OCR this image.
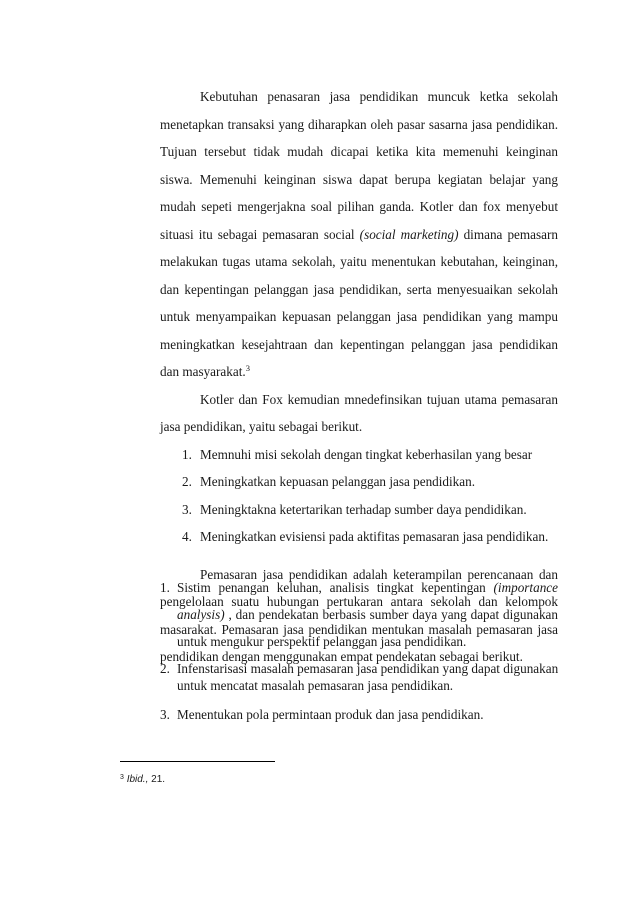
Kebutuhan penasaran jasa pendidikan muncuk ketka sekolah
menetapkan transaksi yang diharapkan oleh pasar sasarna jasa pendidikan.
Tujuan tersebut tidak mudah dicapai ketika kita memenuhi keinginan
siswa. Memenuhi keinginan siswa dapat berupa kegiatan belajar yang
mudah sepeti mengerjakna soal pilihan ganda. Kotler dan fox menyebut
situasi itu sebagai pemasaran social (social marketing) dimana pemasarn
melakukan tugas utama sekolah, yaitu menentukan kebutahan, keinginan,
dan kepentingan pelanggan jasa pendidikan, serta menyesuaikan sekolah
untuk menyampaikan kepuasan pelanggan jasa pendidikan yang mampu
meningkatkan kesejahtraan dan kepentingan pelanggan jasa pendidikan
dan masyarakat.$^3$
Kotler dan Fox kemudian mnedefinsikan tujuan utama pemasaran
jasa pendidikan, yaitu sebagai berikut.
1. Memnuhi misi sekolah dengan tingkat keberhasilan yang besar
2. Meningkatkan kepuasan pelanggan jasa pendidikan.
3. Meningktakna ketertarikan terhadap sumber daya pendidikan.
4. Meningkatkan evisiensi pada aktifitas pemasaran jasa pendidikan.
Pemasaran jasa pendidikan adalah keterampilan perencanaan dan
pengelolaan suatu hubungan pertukaran antara sekolah dan kelompok
masarakat. Pemasaran jasa pendidikan mentukan masalah pemasaran jasa
pendidikan dengan menggunakan empat pendekatan sebagai berikut.
1. Sistim penangan keluhan, analisis tingkat kepentingan (importance
analysis) , dan pendekatan berbasis sumber daya yang dapat digunakan
untuk mengukur perspektif pelanggan jasa pendidikan.
2. Infenstarisasi masalah pemasaran jasa pendidikan yang dapat digunakan
untuk mencatat masalah pemasaran jasa pendidikan.
3. Menentukan pola permintaan produk dan jasa pendidikan.
$^3$ Ibid., 21.
